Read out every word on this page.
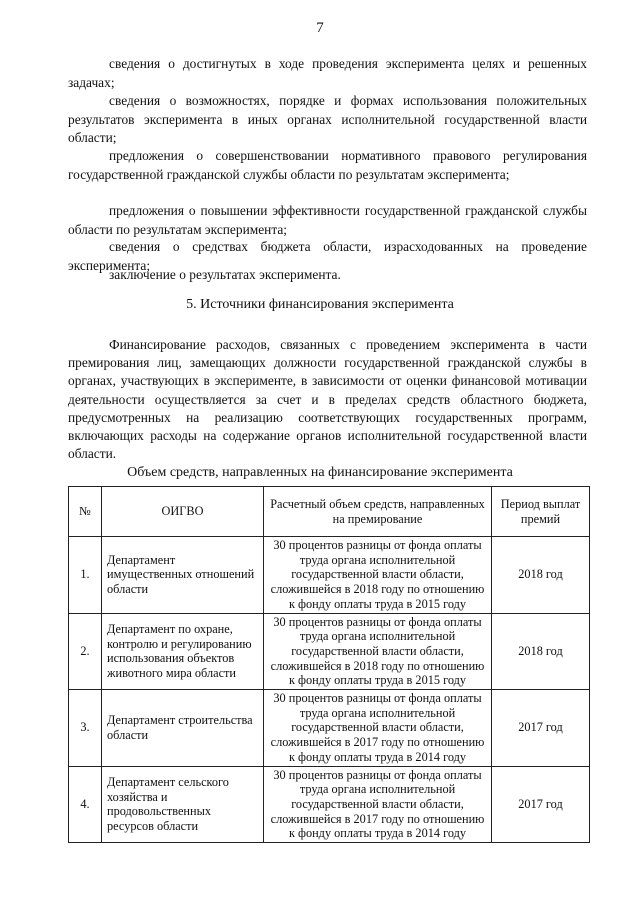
7

сведения о достигнутых в ходе проведения эксперимента целях и решенных задачах;

сведения о возможностях, порядке и формах использования положительных результатов эксперимента в иных органах исполнительной государственной власти области;

предложения о совершенствовании нормативного правового регулирования государственной гражданской службы области по результатам эксперимента;

предложения о повышении эффективности государственной гражданской службы области по результатам эксперимента;

сведения о средствах бюджета области, израсходованных на проведение эксперимента;

заключение о результатах эксперимента.

5. Источники финансирования эксперимента

Финансирование расходов, связанных с проведением эксперимента в части премирования лиц, замещающих должности государственной гражданской службы в органах, участвующих в эксперименте, в зависимости от оценки финансовой мотивации деятельности осуществляется за счет и в пределах средств областного бюджета, предусмотренных на реализацию соответствующих государственных программ, включающих расходы на содержание органов исполнительной государственной власти области.

Объем средств, направленных на финансирование эксперимента
№	ОИГВО	Расчетный объем средств, направленных на премирование	Период выплат премий
1.	Департамент имущественных отношений области	30 процентов разницы от фонда оплаты труда органа исполнительной государственной власти области, сложившейся в 2018 году по отношению к фонду оплаты труда в 2015 году	2018 год
2.	Департамент по охране, контролю и регулированию использования объектов животного мира области	30 процентов разницы от фонда оплаты труда органа исполнительной государственной власти области, сложившейся в 2018 году по отношению к фонду оплаты труда в 2015 году	2018 год
3.	Департамент строительства области	30 процентов разницы от фонда оплаты труда органа исполнительной государственной власти области, сложившейся в 2017 году по отношению к фонду оплаты труда в 2014 году	2017 год
4.	Департамент сельского хозяйства и продовольственных ресурсов области	30 процентов разницы от фонда оплаты труда органа исполнительной государственной власти области, сложившейся в 2017 году по отношению к фонду оплаты труда в 2014 году	2017 год
